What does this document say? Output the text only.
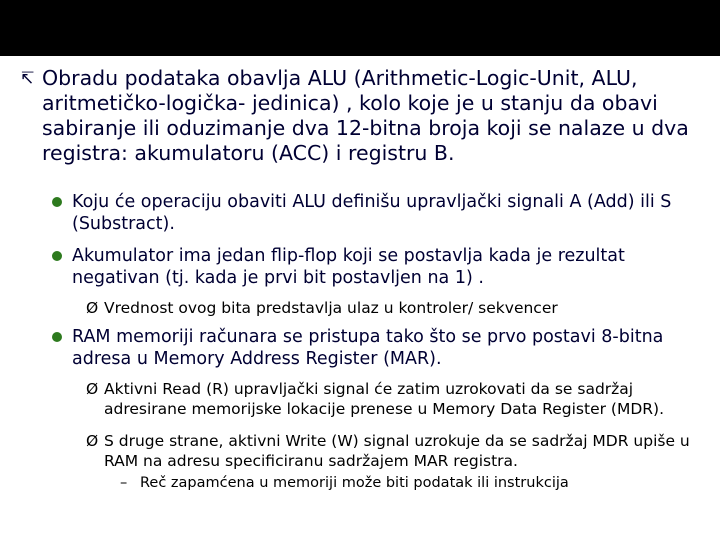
↸ Obradu podataka obavlja ALU (Arithmetic-Logic-Unit, ALU, aritmetičko-logička- jedinica) , kolo koje je u stanju da obavi sabiranje ili oduzimanje dva 12-bitna broja koji se nalaze u dva registra: akumulatoru (ACC) i registru B.
Koju će operaciju obaviti ALU definišu upravljački signali A (Add) ili S (Substract).
Akumulator ima jedan flip-flop koji se postavlja kada je rezultat negativan (tj. kada je prvi bit postavljen na 1) .
Ø Vrednost ovog bita predstavlja ulaz u kontroler/ sekvencer
RAM memoriji računara se pristupa tako što se prvo postavi 8-bitna adresa u Memory Address Register (MAR).
Ø Aktivni Read (R) upravljački signal će zatim uzrokovati da se sadržaj adresirane memorijske lokacije prenese u Memory Data Register (MDR).
Ø S druge strane, aktivni Write (W) signal uzrokuje da se sadržaj MDR upiše u RAM na adresu specificiranu sadržajem MAR registra.
– Reč zapamćena u memoriji može biti podatak ili instrukcija
